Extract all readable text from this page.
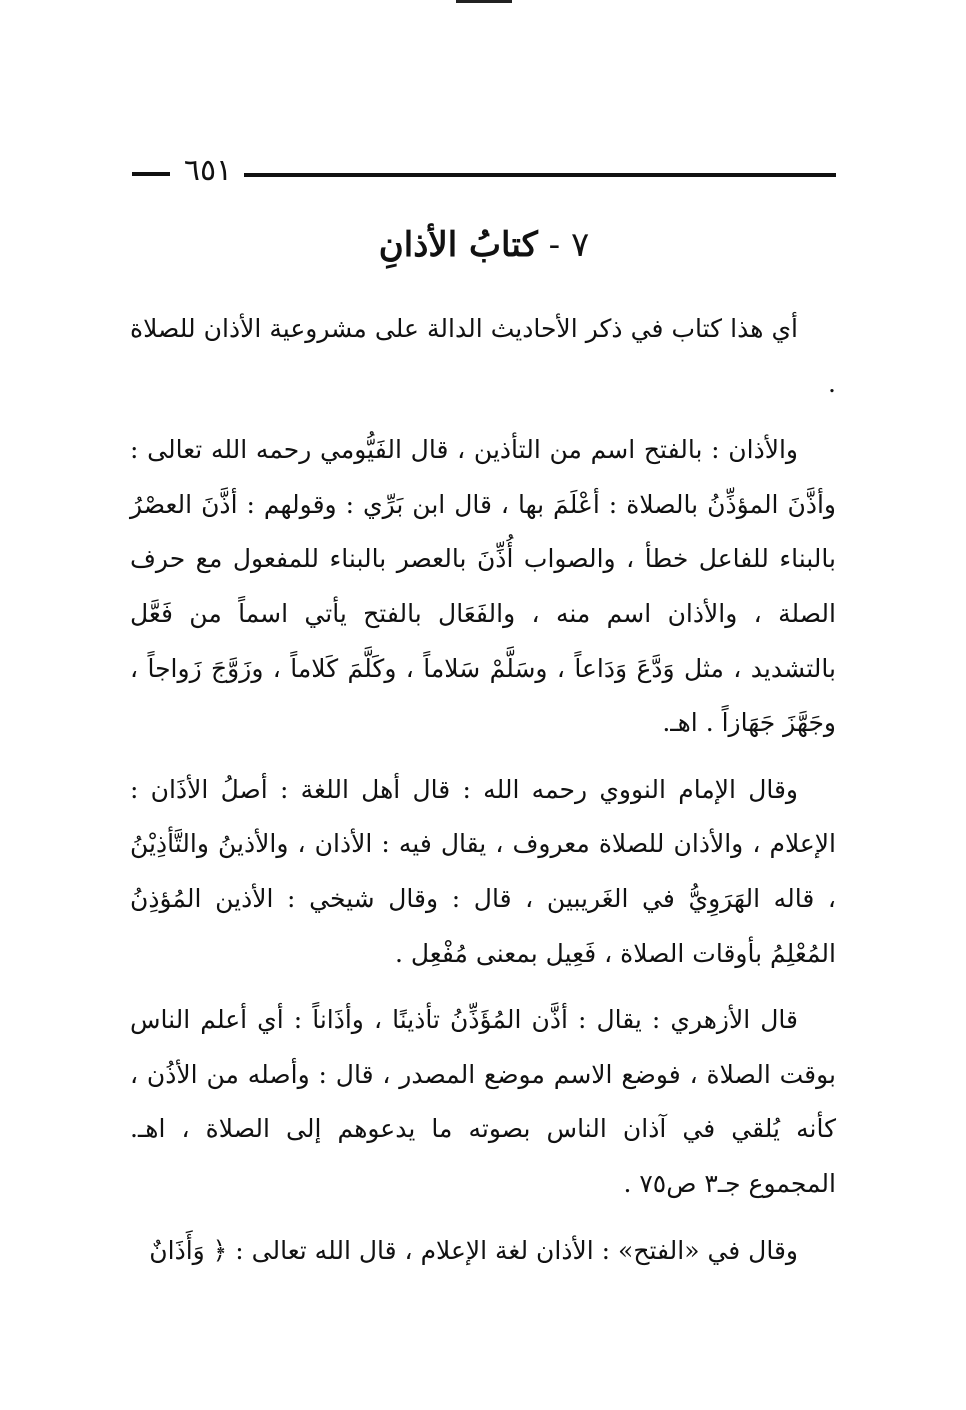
٦٥١
٧ - كتابُ الأذانِ

أي هذا كتاب في ذكر الأحاديث الدالة على مشروعية الأذان للصلاة .

والأذان : بالفتح اسم من التأذين ، قال الفَيُّومي رحمه الله تعالى : وأذَّنَ المؤذِّنُ بالصلاة : أعْلَمَ بها ، قال ابن بَرِّي : وقولهم : أذَّنَ العصْرُ بالبناء للفاعل خطأ ، والصواب أُذِّنَ بالعصر بالبناء للمفعول مع حرف الصلة ، والأذان اسم منه ، والفَعَال بالفتح يأتي اسماً من فَعَّل بالتشديد ، مثل وَدَّعَ وَدَاعاً ، وسَلَّمْ سَلاماً ، وكَلَّمَ كَلاماً ، وزَوَّجَ زَواجاً ، وجَهَّزَ جَهَازاً . اهـ.

وقال الإمام النووي رحمه الله : قال أهل اللغة : أصلُ الأذَان : الإعلام ، والأذان للصلاة معروف ، يقال فيه : الأذان ، والأذينُ والتَّأذِيْنُ ، قاله الهَرَوِيُّ في الغَريبين ، قال : وقال شيخي : الأذين المُؤذِنُ المُعْلِمُ بأوقات الصلاة ، فَعِيل بمعنى مُفْعِل .

قال الأزهري : يقال : أذَّن المُؤَذِّنُ تأذينًا ، وأذَاناً : أي أعلم الناس بوقت الصلاة ، فوضع الاسم موضع المصدر ، قال : وأصله من الأذُن ، كأنه يُلقي في آذان الناس بصوته ما يدعوهم إلى الصلاة ، اهـ. المجموع جـ٣ ص٧٥ .

وقال في «الفتح» : الأذان لغة الإعلام ، قال الله تعالى : ﴿ وَأَذَانٌ
